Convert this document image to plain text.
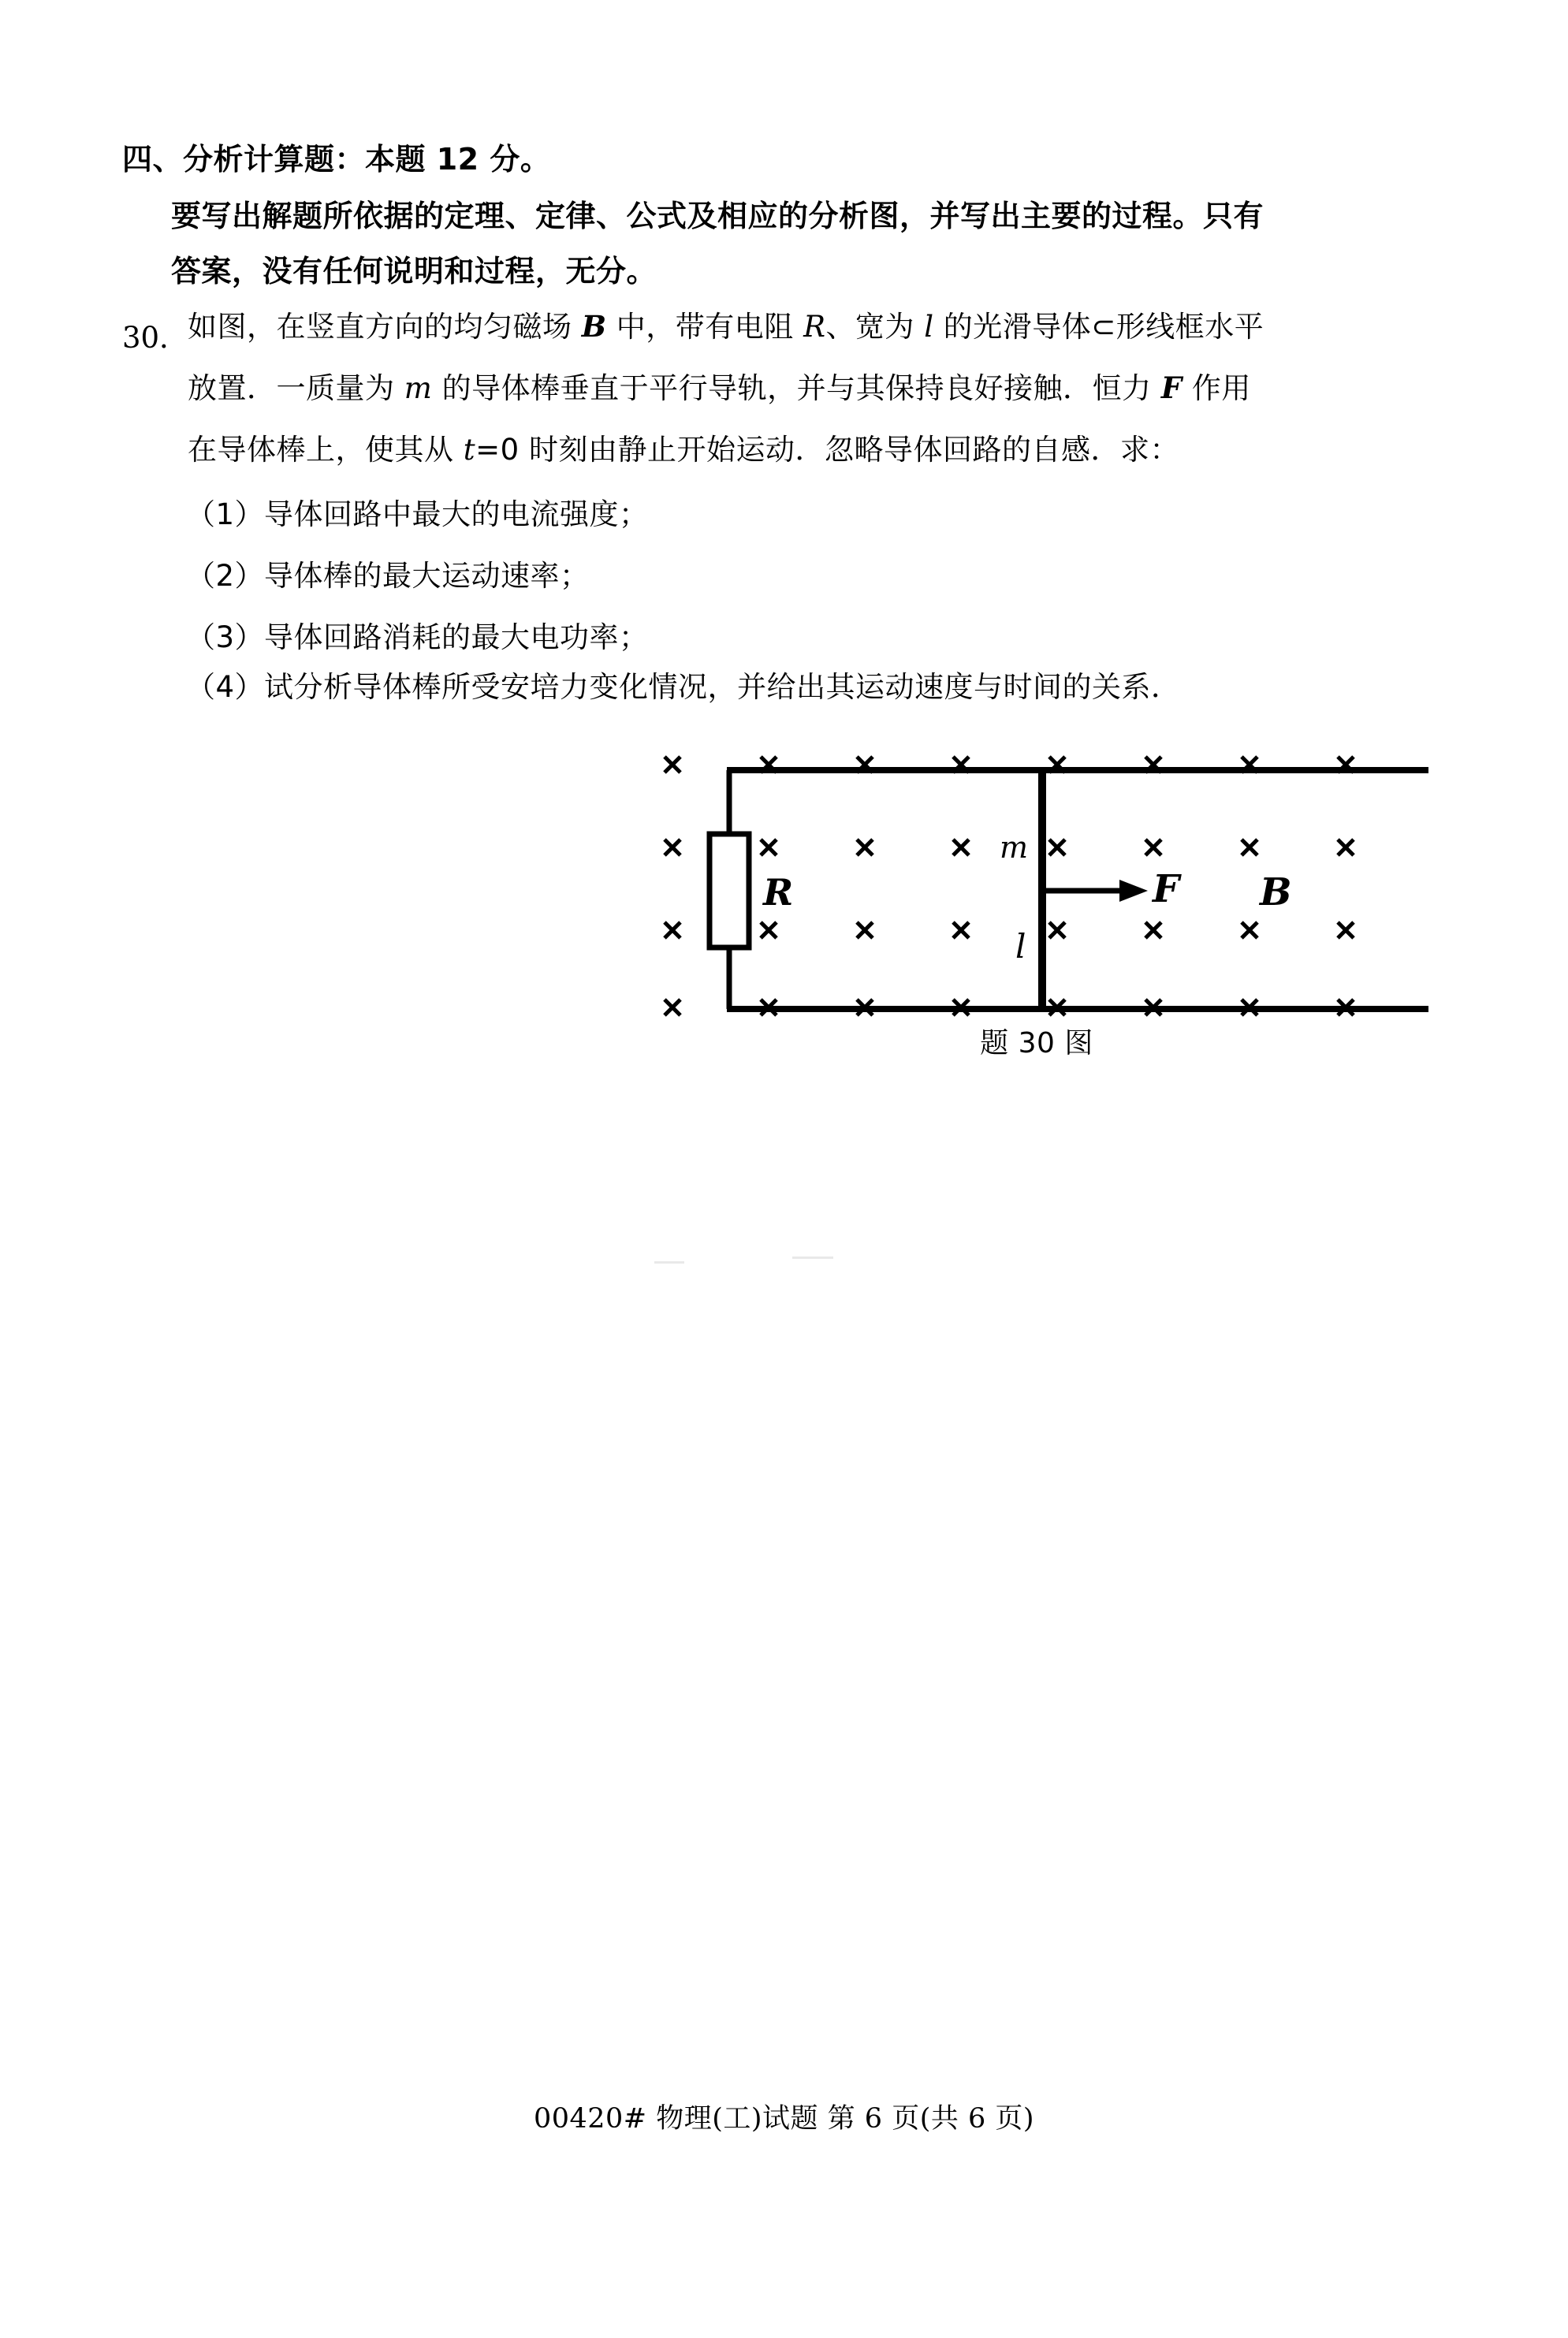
四、分析计算题：本题 12 分。
要写出解题所依据的定理、定律、公式及相应的分析图，并写出主要的过程。只有
答案，没有任何说明和过程，无分。
30．
如图，在竖直方向的均匀磁场 B 中，带有电阻 R、宽为 l 的光滑导体⊂形线框水平
放置．一质量为 m 的导体棒垂直于平行导轨，并与其保持良好接触．恒力 F 作用
在导体棒上，使其从 t=0 时刻由静止开始运动．忽略导体回路的自感．求：
（1）导体回路中最大的电流强度；
（2）导体棒的最大运动速率；
（3）导体回路消耗的最大电功率；
（4）试分析导体棒所受安培力变化情况，并给出其运动速度与时间的关系．
R
m
l
F B
题 30 图
00420# 物理(工)试题 第 6 页(共 6 页)
